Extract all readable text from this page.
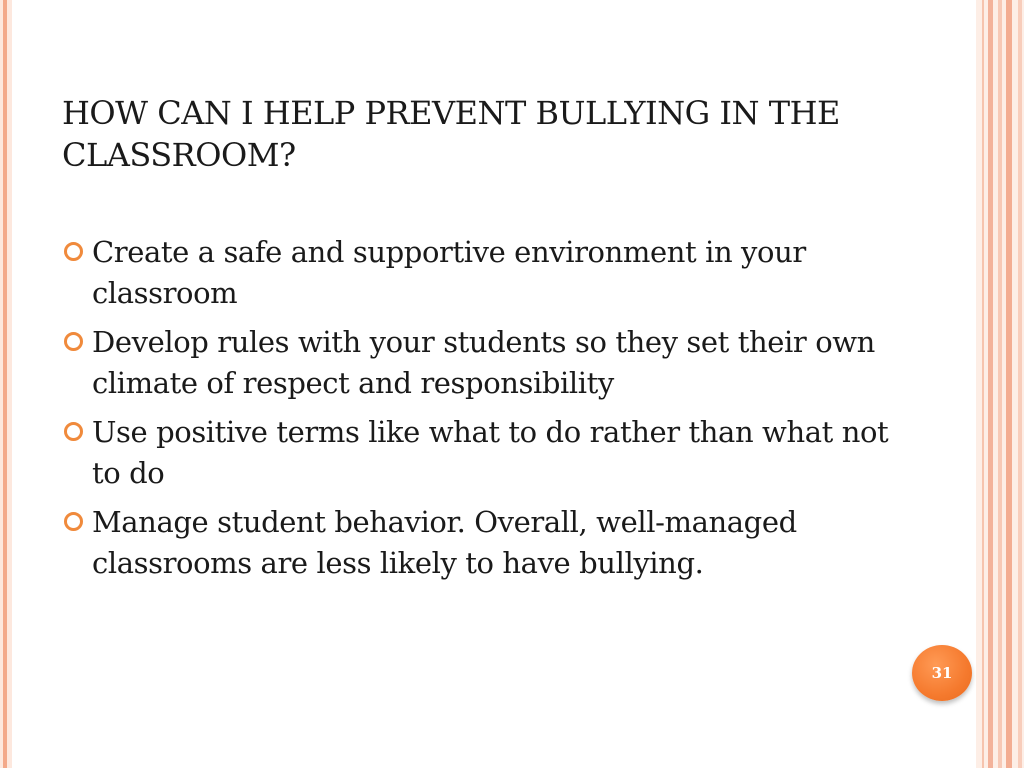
HOW CAN I HELP PREVENT BULLYING IN THE CLASSROOM?
Create a safe and supportive environment in your classroom
Develop rules with your students so they set their own climate of respect and responsibility
Use positive terms like what to do rather than what not to do
Manage student behavior. Overall, well-managed classrooms are less likely to have bullying.
31
